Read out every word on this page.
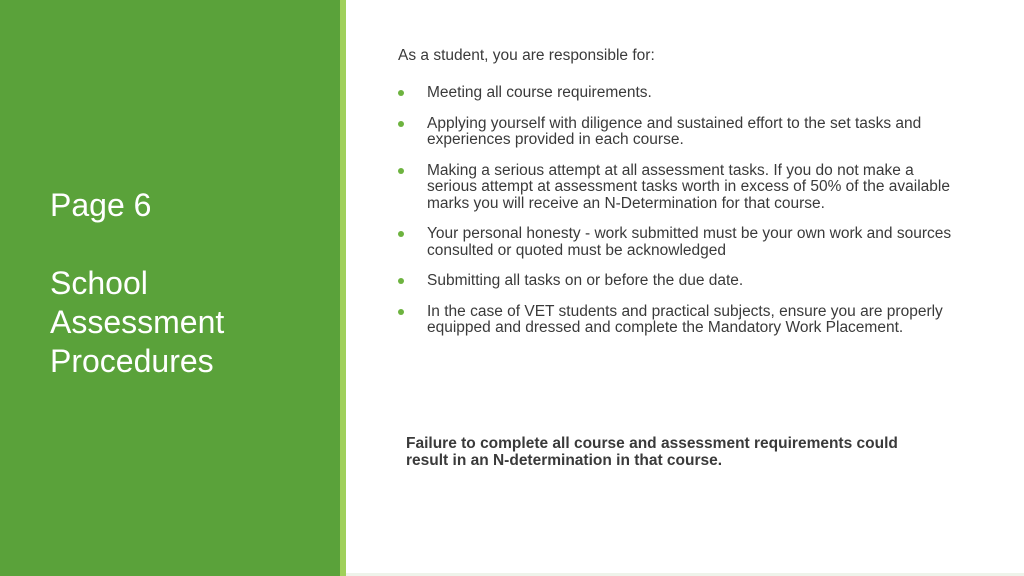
Page 6
School
Assessment
Procedures
As a student, you are responsible for:
Meeting all course requirements.
Applying yourself with diligence and sustained effort to the set tasks and experiences provided in each course.
Making a serious attempt at all assessment tasks. If you do not make a serious attempt at assessment tasks worth in excess of 50% of the available marks you will receive an N-Determination for that course.
Your personal honesty - work submitted must be your own work and sources consulted or quoted must be acknowledged
Submitting all tasks on or before the due date.
In the case of VET students and practical subjects, ensure you are properly equipped and dressed and complete the Mandatory Work Placement.
Failure to complete all course and assessment requirements could result in an N-determination in that course.
